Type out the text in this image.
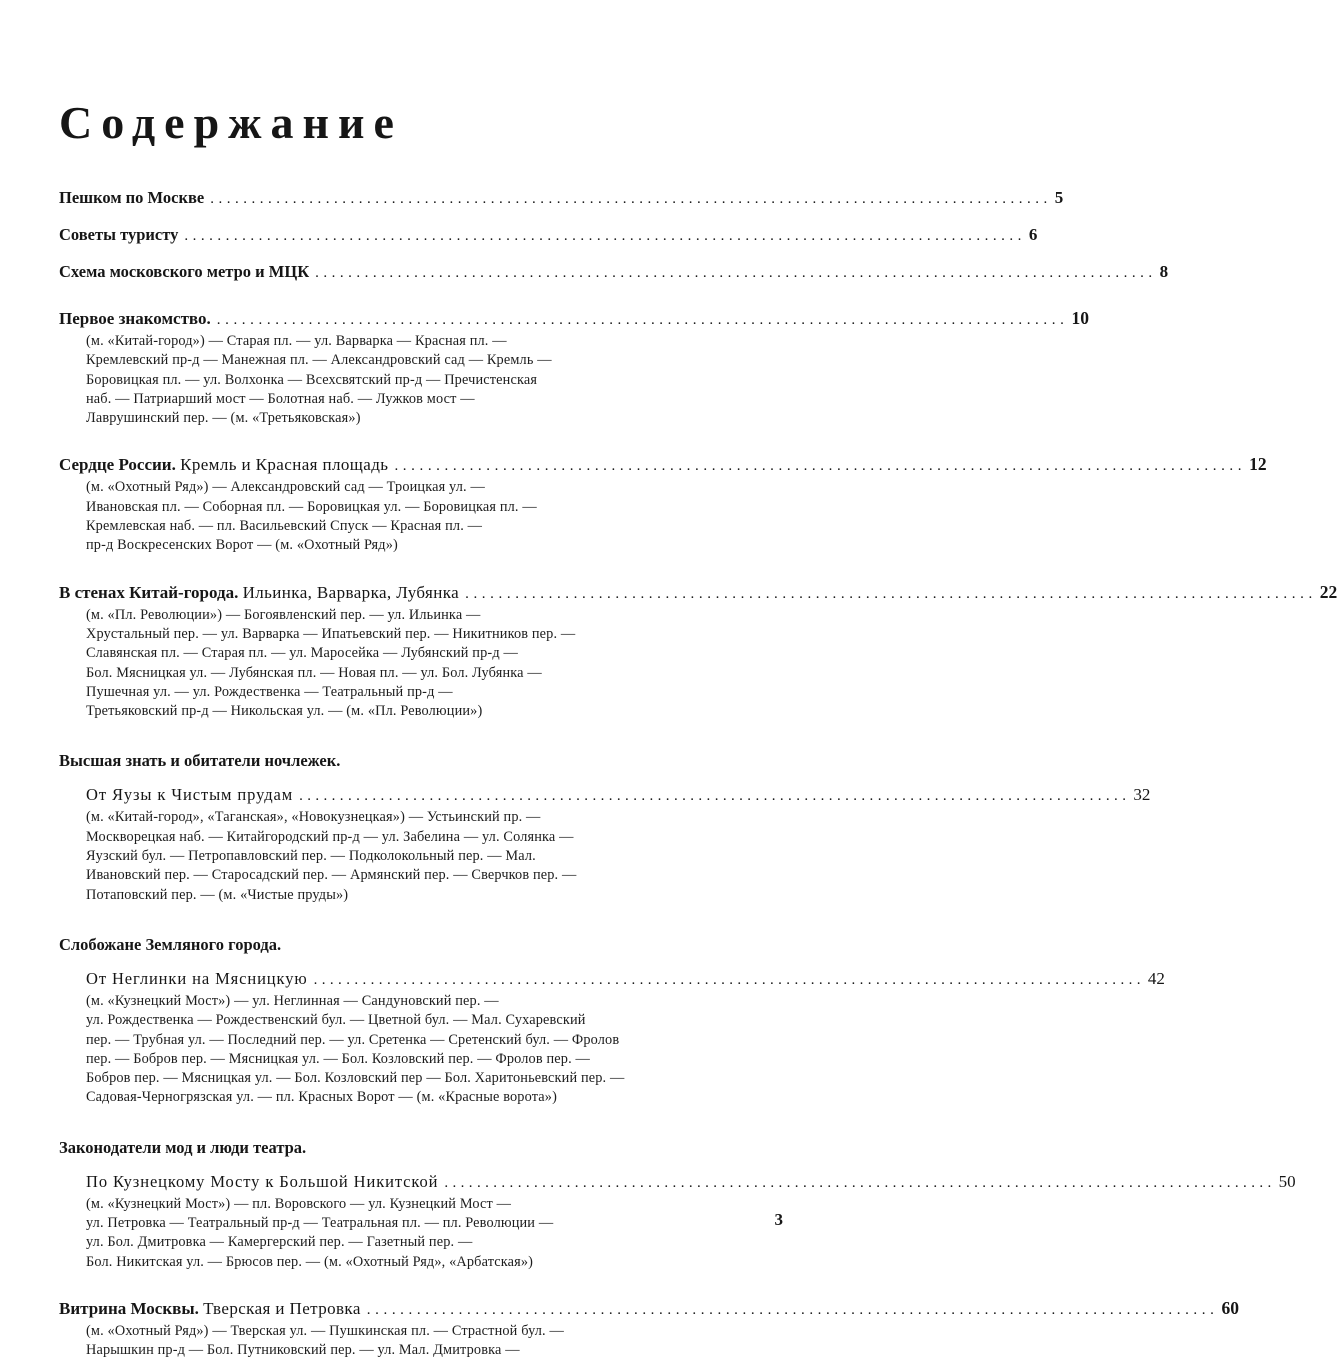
Содержание
Пешком по Москве .....	5
Советы туристу .....	6
Схема московского метро и МЦК .....	8
Первое знакомство. .....	10
(м. «Китай-город») — Старая пл. — ул. Варварка — Красная пл. —
Кремлевский пр-д — Манежная пл. — Александровский сад — Кремль —
Боровицкая пл. — ул. Волхонка — Всехсвятский пр-д — Пречистенская
наб. — Патриарший мост — Болотная наб. — Лужков мост —
Лаврушинский пер. — (м. «Третьяковская»)
Сердце России. Кремль и Красная площадь .....	12
(м. «Охотный Ряд») — Александровский сад — Троицкая ул. —
Ивановская пл. — Соборная пл. — Боровицкая ул. — Боровицкая пл. —
Кремлевская наб. — пл. Васильевский Спуск — Красная пл. —
пр-д Воскресенских Ворот — (м. «Охотный Ряд»)
В стенах Китай-города. Ильинка, Варварка, Лубянка .....	22
(м. «Пл. Революции») — Богоявленский пер. — ул. Ильинка —
Хрустальный пер. — ул. Варварка — Ипатьевский пер. — Никитников пер. —
Славянская пл. — Старая пл. — ул. Маросейка — Лубянский пр-д —
Бол. Мясницкая ул. — Лубянская пл. — Новая пл. — ул. Бол. Лубянка —
Пушечная ул. — ул. Рождественка — Театральный пр-д —
Третьяковский пр-д — Никольская ул. — (м. «Пл. Революции»)
Высшая знать и обитатели ночлежек.
От Яузы к Чистым прудам .....	32
(м. «Китай-город», «Таганская», «Новокузнецкая») — Устьинский пр. —
Москворецкая наб. — Китайгородский пр-д — ул. Забелина — ул. Солянка —
Яузский бул. — Петропавловский пер. — Подколокольный пер. — Мал.
Ивановский пер. — Старосадский пер. — Армянский пер. — Сверчков пер. —
Потаповский пер. — (м. «Чистые пруды»)
Слобожане Земляного города.
От Неглинки на Мясницкую .....	42
(м. «Кузнецкий Мост») — ул. Неглинная — Сандуновский пер. —
ул. Рождественка — Рождественский бул. — Цветной бул. — Мал. Сухаревский
пер. — Трубная ул. — Последний пер. — ул. Сретенка — Сретенский бул. — Фролов
пер. — Бобров пер. — Мясницкая ул. — Бол. Козловский пер. — Фролов пер. —
Бобров пер. — Мясницкая ул. — Бол. Козловский пер — Бол. Харитоньевский пер. —
Садовая-Черногрязская ул. — пл. Красных Ворот — (м. «Красные ворота»)
Законодатели мод и люди театра.
По Кузнецкому Мосту к Большой Никитской .....	50
(м. «Кузнецкий Мост») — пл. Воровского — ул. Кузнецкий Мост —
ул. Петровка — Театральный пр-д — Театральная пл. — пл. Революции —
ул. Бол. Дмитровка — Камергерский пер. — Газетный пер. —
Бол. Никитская ул. — Брюсов пер. — (м. «Охотный Ряд», «Арбатская»)
Витрина Москвы. Тверская и Петровка .....	60
(м. «Охотный Ряд») — Тверская ул. — Пушкинская пл. — Страстной бул. —
Нарышкин пр-д — Бол. Путниковский пер. — ул. Мал. Дмитровка —
3
